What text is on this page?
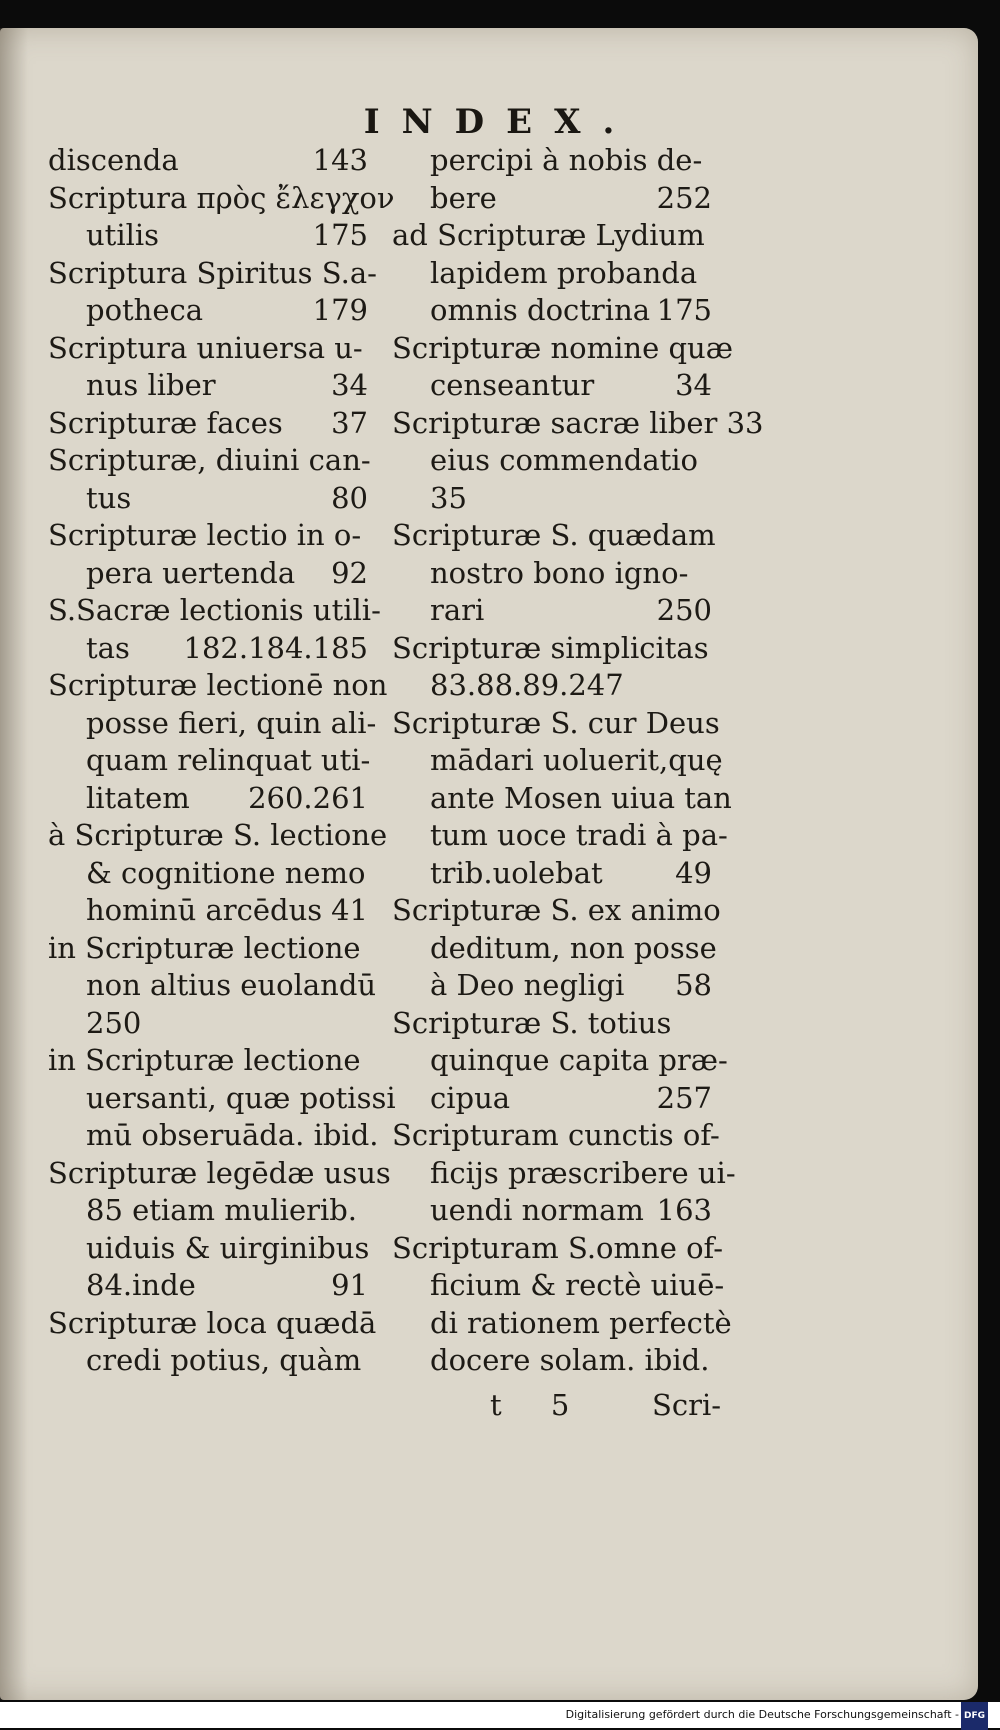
INDEX.
discenda	143
Scriptura πρὸς ἔλεγχον
utilis	175
Scriptura Spiritus S.a-
potheca	179
Scriptura uniuersa u-
nus liber	34
Scripturæ faces 37
Scripturæ, diuini can-
tus	80
Scripturæ lectio in o-
pera uertenda 92
S.Sacræ lectionis utili-
tas 182.184.185
Scripturæ lectionē non
posse fieri, quin ali-
quam relinquat uti-
litatem 260.261
à Scripturæ S. lectione
& cognitione nemo
hominū arcēdus 41
in Scripturæ lectione
non altius euolandū
250
in Scripturæ lectione
uersanti, quæ potissi
mū obseruāda. ibid.
Scripturæ legēdæ usus
85 etiam mulierib.
uiduis & uirginibus
84.inde	91
Scripturæ loca quædā
credi potius, quàm
percipi à nobis de-
bere	252
ad Scripturæ Lydium
lapidem probanda
omnis doctrina 175
Scripturæ nomine quæ
censeantur	34
Scripturæ sacræ liber 33
eius commendatio
35
Scripturæ S. quædam
nostro bono igno-
rari	250
Scripturæ simplicitas
83.88.89.247
Scripturæ S. cur Deus
mādari uoluerit,quę
ante Mosen uiua tan
tum uoce tradi à pa-
trib.uolebat 49
Scripturæ S. ex animo
deditum, non posse
à Deo negligi 58
Scripturæ S. totius
quinque capita præ-
cipua	257
Scripturam cunctis of-
ficijs præscribere ui-
uendi normam 163
Scripturam S.omne of-
ficium & rectè uiuē-
di rationem perfectè
docere solam. ibid.
t 5	Scri-
Digitalisierung gefördert durch die Deutsche Forschungsgemeinschaft - DFG
